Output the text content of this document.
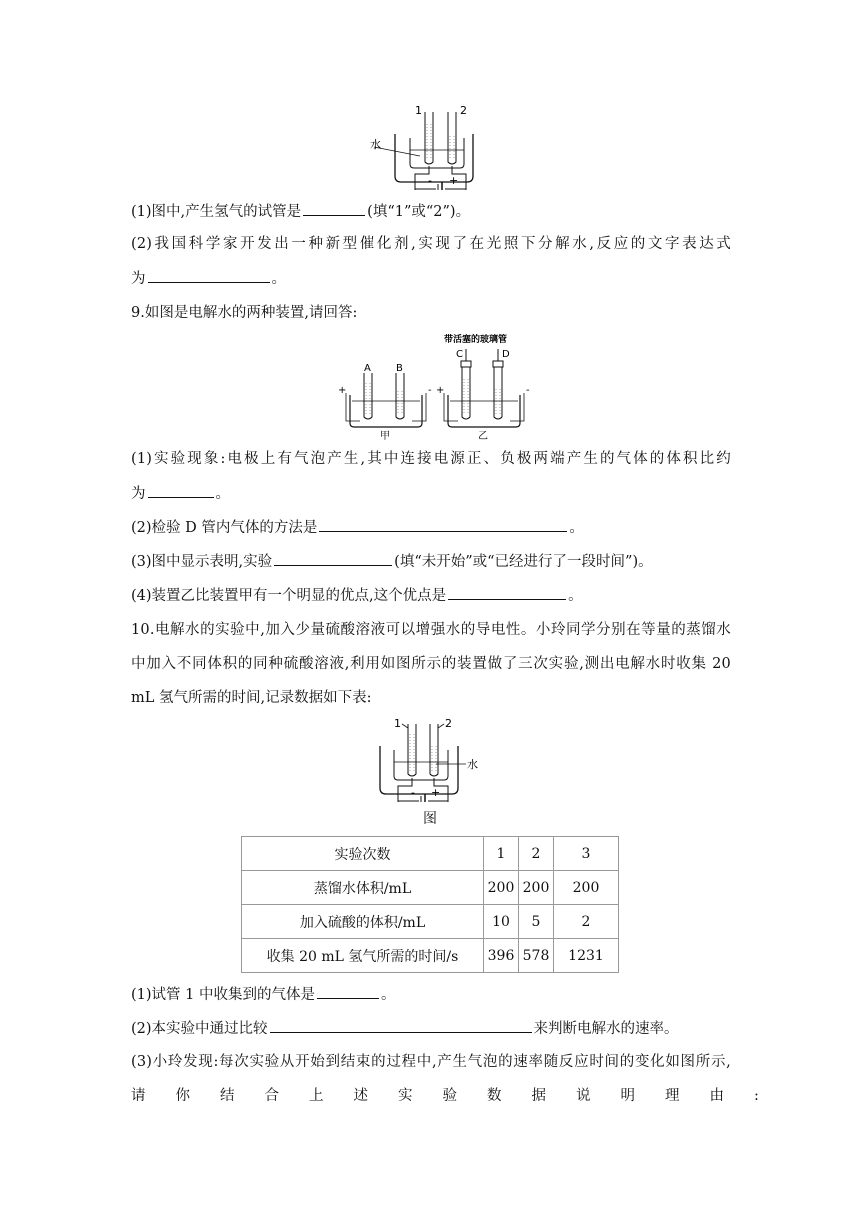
1	2
水
- +
(1)图中,产生氢气的试管是	(填“1”或“2”)。
(2)我国科学家开发出一种新型催化剂,实现了在光照下分解水,反应的文字表达式
为	。
9.如图是电解水的两种装置,请回答:
带活塞的玻璃管
A	B
+	-
甲
C	D
+	-
乙
(1)实验现象:电极上有气泡产生,其中连接电源正、负极两端产生的气体的体积比约
为	。
(2)检验 D 管内气体的方法是	。
(3)图中显示表明,实验	(填“未开始”或“已经进行了一段时间”)。
(4)装置乙比装置甲有一个明显的优点,这个优点是	。
10.电解水的实验中,加入少量硫酸溶液可以增强水的导电性。小玲同学分别在等量的蒸馏水
中加入不同体积的同种硫酸溶液,利用如图所示的装置做了三次实验,测出电解水时收集 20
mL 氢气所需的时间,记录数据如下表:
1	2
水
- +
图
实验次数	1	2	3
蒸馏水体积/mL	200	200	200
加入硫酸的体积/mL	10	5	2
收集 20 mL 氢气所需的时间/s	396	578	1231
(1)试管 1 中收集到的气体是	。
(2)本实验中通过比较	来判断电解水的速率。
(3)小玲发现:每次实验从开始到结束的过程中,产生气泡的速率随反应时间的变化如图所示,
请你结合上述实验数据说明理由:
